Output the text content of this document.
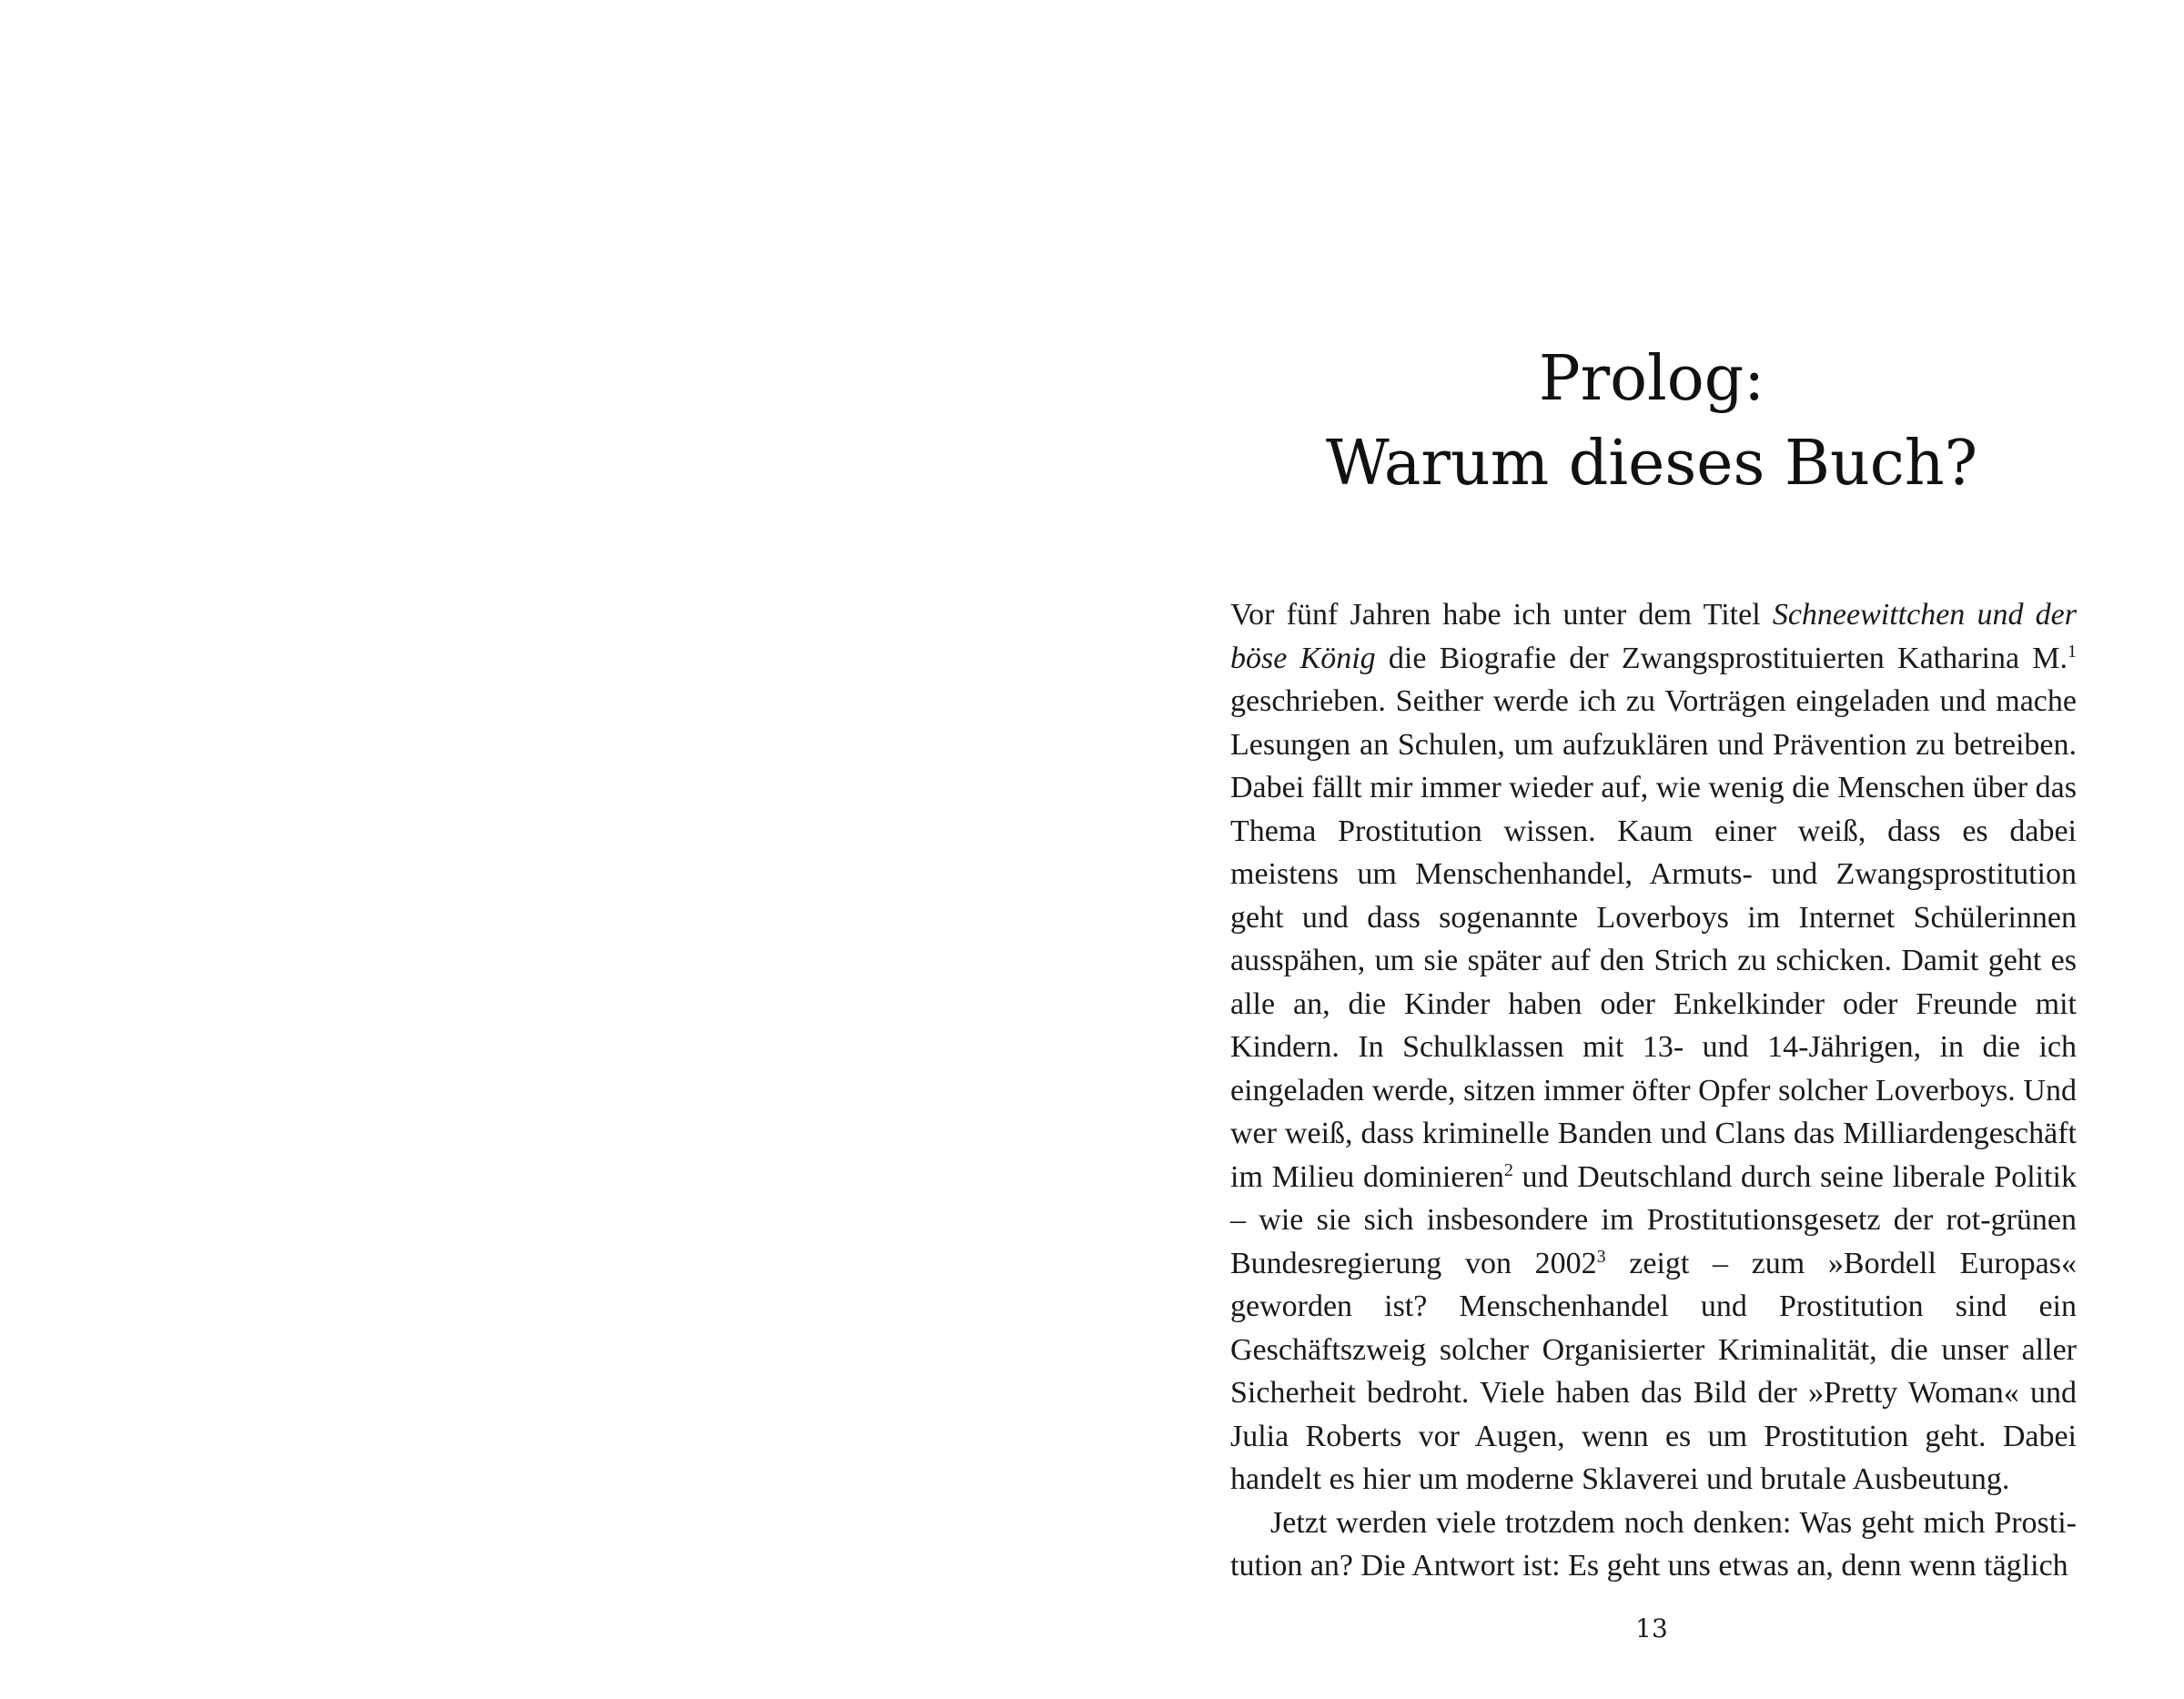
Prolog:
Warum dieses Buch?

Vor fünf Jahren habe ich unter dem Titel Schneewittchen und der böse König die Biografie der Zwangsprostituierten Katharina M.$^1$ geschrieben. Seither werde ich zu Vorträgen eingeladen und mache Lesungen an Schulen, um aufzuklären und Prävention zu betreiben. Dabei fällt mir immer wieder auf, wie wenig die Menschen über das Thema Prostitution wissen. Kaum einer weiß, dass es dabei meistens um Menschenhandel, Armuts- und Zwangsprostitution geht und dass sogenannte Loverboys im Internet Schülerinnen ausspähen, um sie später auf den Strich zu schicken. Damit geht es alle an, die Kinder haben oder Enkelkinder oder Freunde mit Kindern. In Schulklassen mit 13- und 14-Jährigen, in die ich eingeladen werde, sitzen immer öfter Opfer solcher Loverboys. Und wer weiß, dass kriminelle Banden und Clans das Milliardengeschäft im Milieu dominieren$^2$ und Deutschland durch seine liberale Politik – wie sie sich insbesondere im Prostitutionsgesetz der rot-grünen Bundesregierung von 2002$^3$ zeigt – zum »Bordell Europas« geworden ist? Menschenhandel und Prostitution sind ein Geschäftszweig solcher Organisierter Kriminalität, die unser aller Sicherheit bedroht. Viele haben das Bild der »Pretty Woman« und Julia Roberts vor Augen, wenn es um Prostitution geht. Dabei handelt es hier um moderne Sklaverei und brutale Ausbeutung.

Jetzt werden viele trotzdem noch denken: Was geht mich Prostitution an? Die Antwort ist: Es geht uns etwas an, denn wenn täglich

13
